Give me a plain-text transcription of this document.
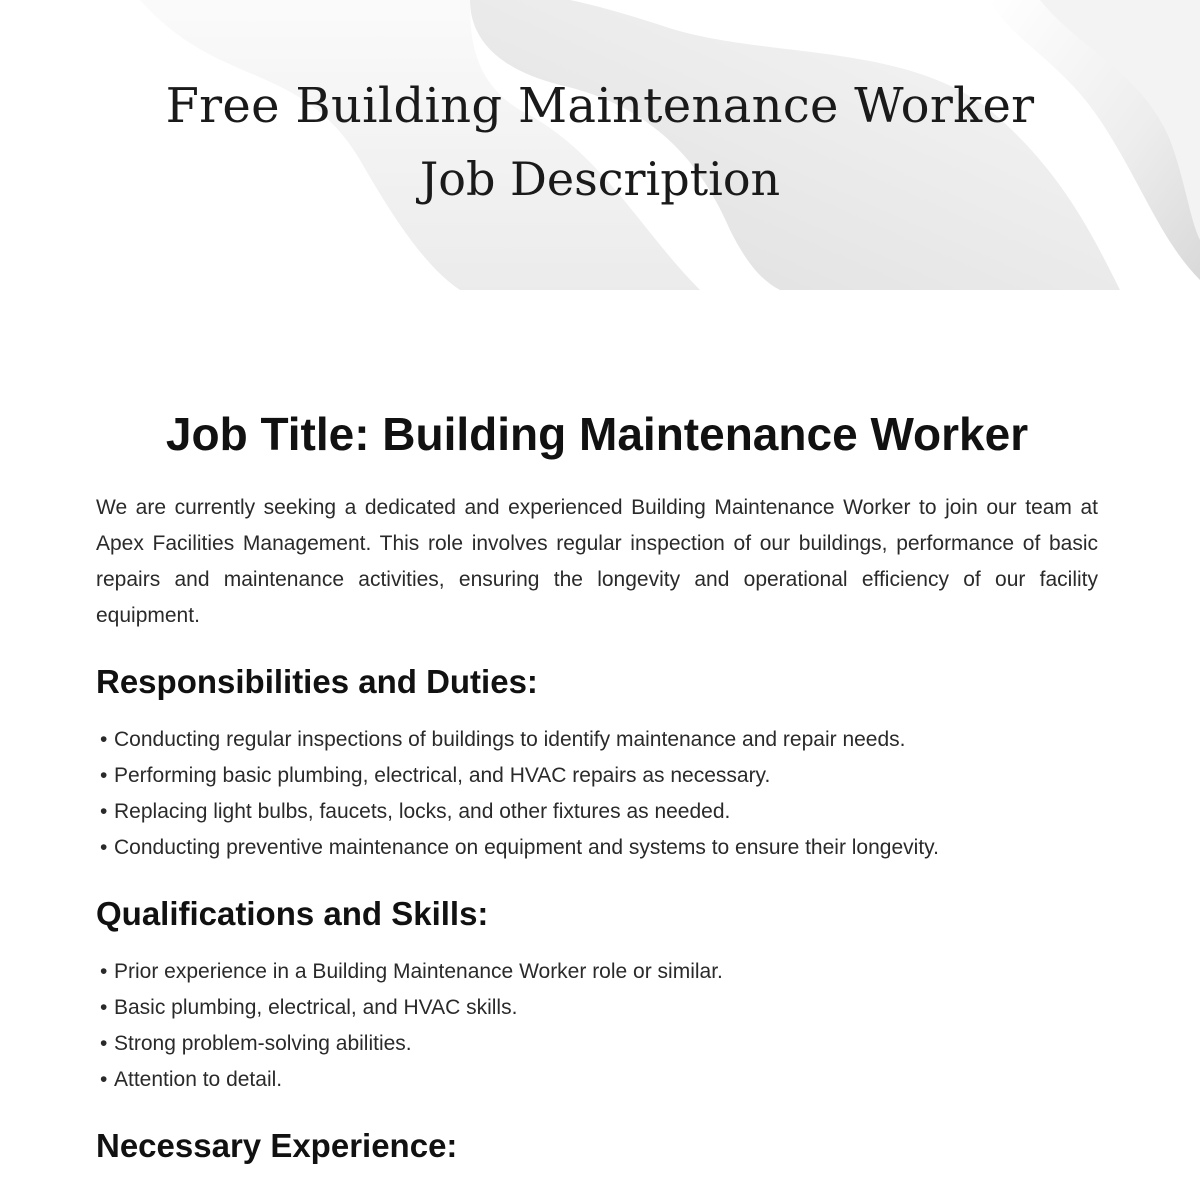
Free Building Maintenance Worker
Job Description
Job Title: Building Maintenance Worker

We are currently seeking a dedicated and experienced Building Maintenance Worker to join our team at Apex Facilities Management. This role involves regular inspection of our buildings, performance of basic repairs and maintenance activities, ensuring the longevity and operational efficiency of our facility equipment.

Responsibilities and Duties:
• Conducting regular inspections of buildings to identify maintenance and repair needs.
• Performing basic plumbing, electrical, and HVAC repairs as necessary.
• Replacing light bulbs, faucets, locks, and other fixtures as needed.
• Conducting preventive maintenance on equipment and systems to ensure their longevity.
Qualifications and Skills:
• Prior experience in a Building Maintenance Worker role or similar.
• Basic plumbing, electrical, and HVAC skills.
• Strong problem-solving abilities.
• Attention to detail.
Necessary Experience:
